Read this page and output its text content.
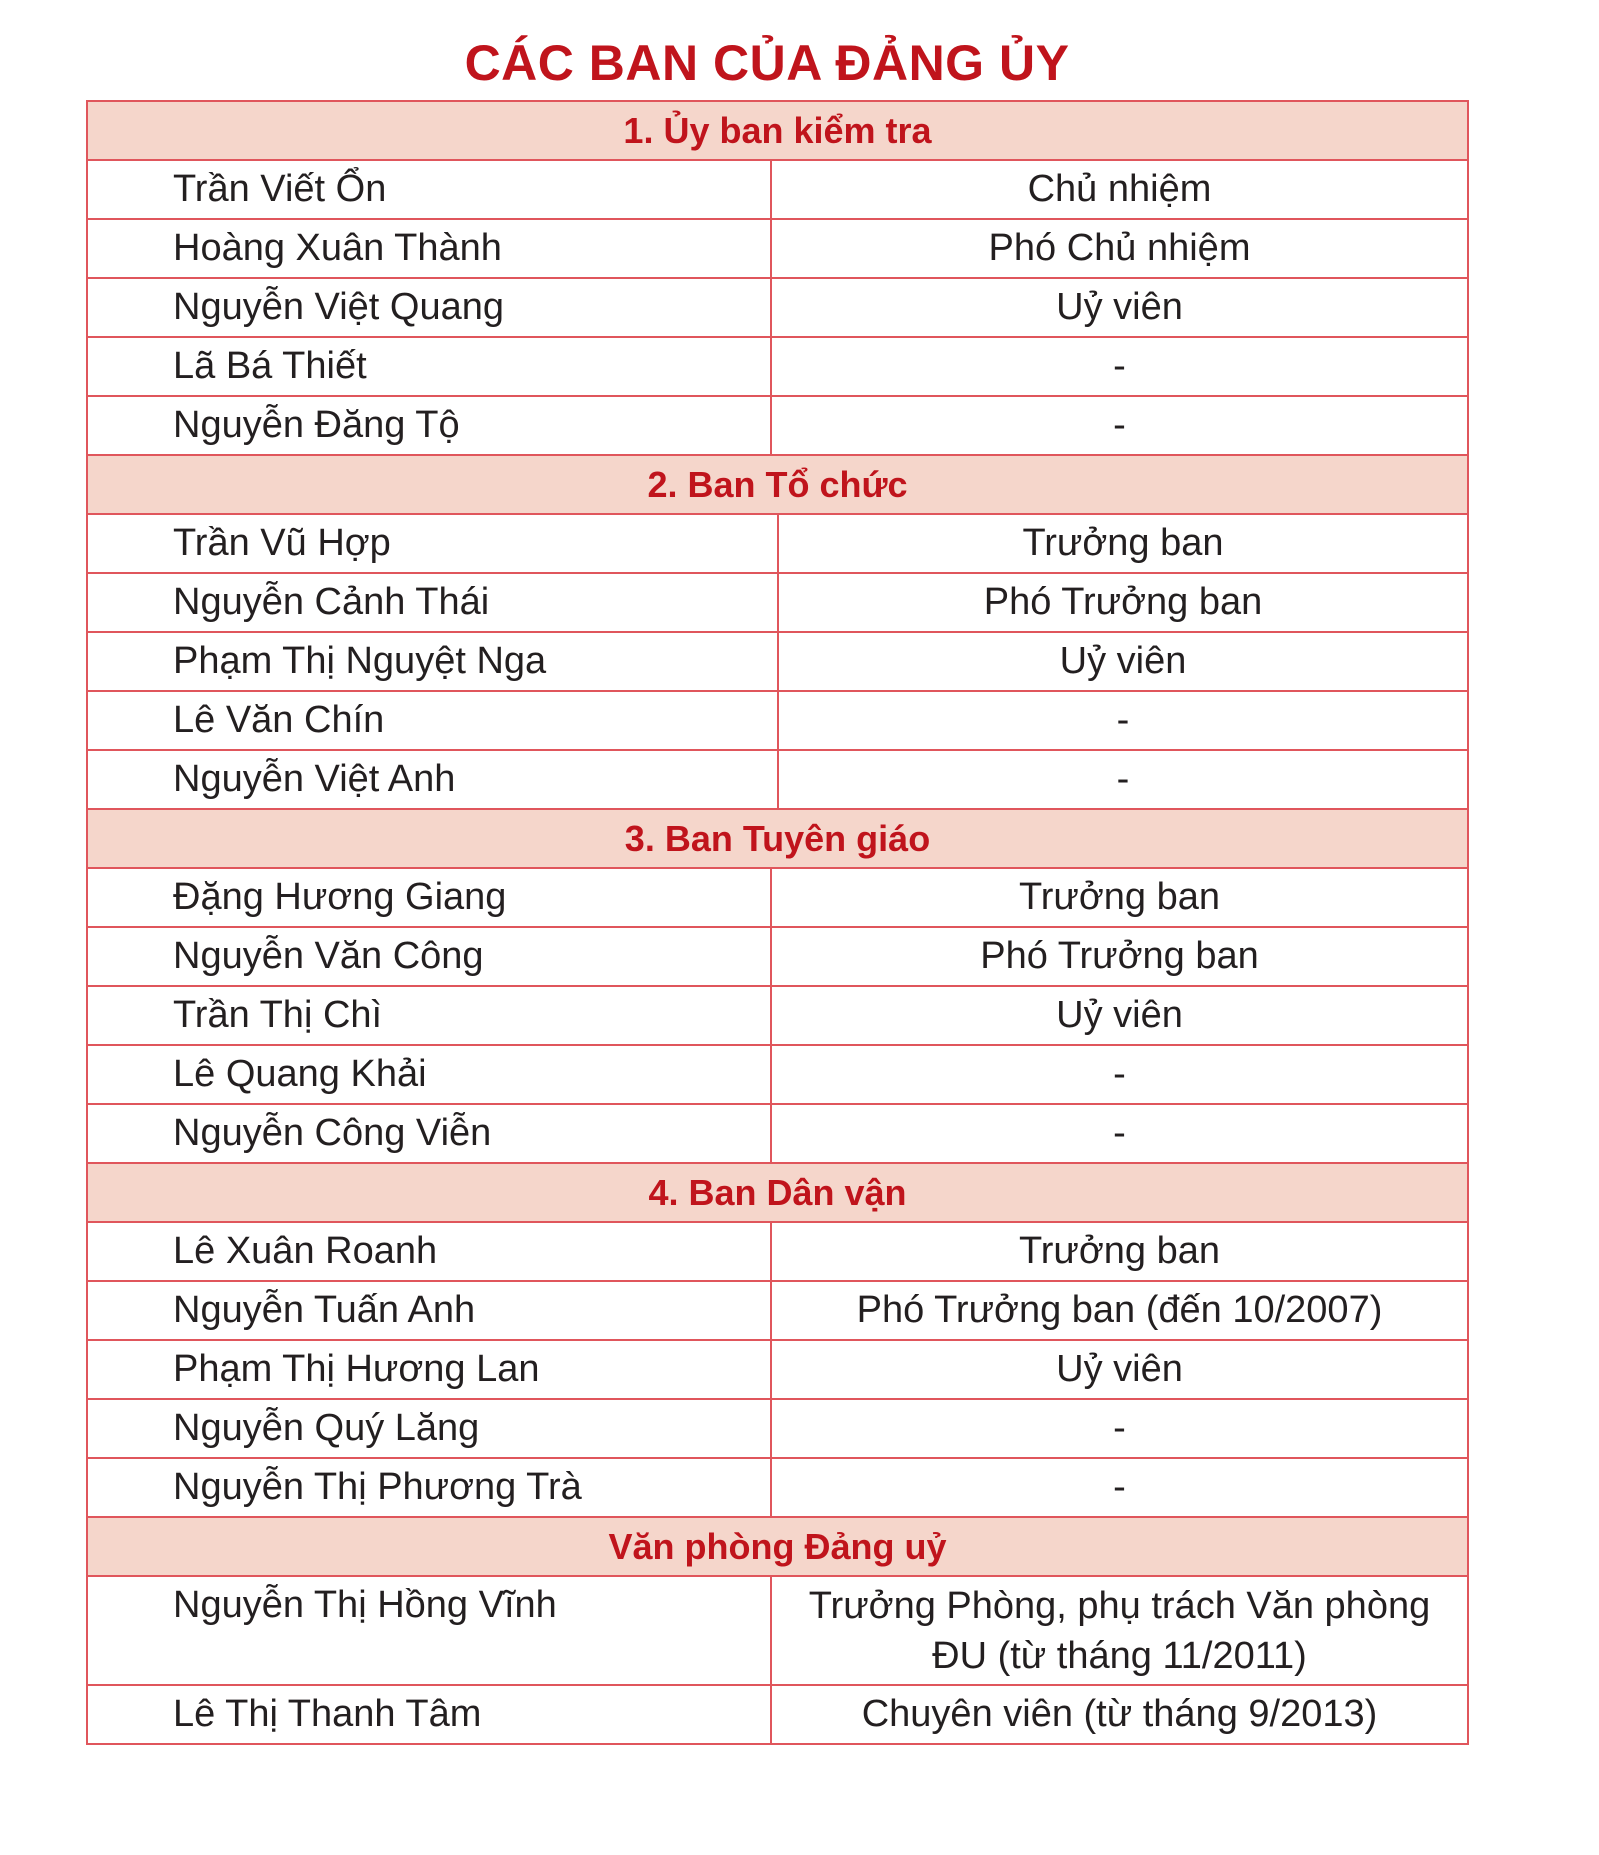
CÁC BAN CỦA ĐẢNG ỦY
1. Ủy ban kiểm tra
Trần Viết Ổn	Chủ nhiệm
Hoàng Xuân Thành	Phó Chủ nhiệm
Nguyễn Việt Quang	Uỷ viên
Lã Bá Thiết	-
Nguyễn Đăng Tộ	-
2. Ban Tổ chức
Trần Vũ Hợp	Trưởng ban
Nguyễn Cảnh Thái	Phó Trưởng ban
Phạm Thị Nguyệt Nga	Uỷ viên
Lê Văn Chín	-
Nguyễn Việt Anh	-
3. Ban Tuyên giáo
Đặng Hương Giang	Trưởng ban
Nguyễn Văn Công	Phó Trưởng ban
Trần Thị Chì	Uỷ viên
Lê Quang Khải	-
Nguyễn Công Viễn	-
4. Ban Dân vận
Lê Xuân Roanh	Trưởng ban
Nguyễn Tuấn Anh	Phó Trưởng ban (đến 10/2007)
Phạm Thị Hương Lan	Uỷ viên
Nguyễn Quý Lăng	-
Nguyễn Thị Phương Trà	-
Văn phòng Đảng uỷ
Nguyễn Thị Hồng Vĩnh	Trưởng Phòng, phụ trách Văn phòng
ĐU (từ tháng 11/2011)
Lê Thị Thanh Tâm	Chuyên viên (từ tháng 9/2013)
